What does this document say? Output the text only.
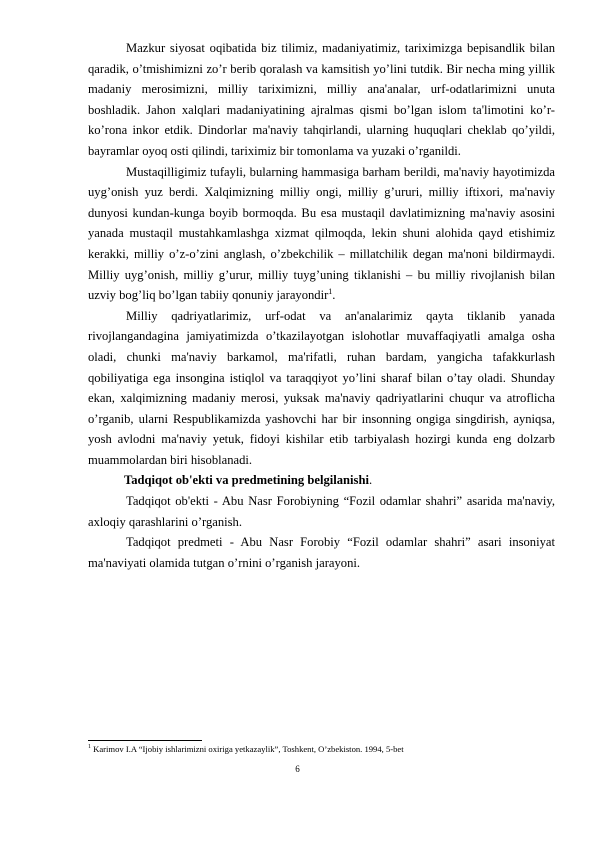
Mazkur siyosat oqibatida biz tilimiz, madaniyatimiz, tariximizga bepisandlik bilan qaradik, o’tmishimizni zo’r berib qoralash va kamsitish yo’lini tutdik. Bir necha ming yillik madaniy merosimizni, milliy tariximizni, milliy ana'analar, urf-odatlarimizni unuta boshladik. Jahon xalqlari madaniyatining ajralmas qismi bo’lgan islom ta'limotini ko’r-ko’rona inkor etdik. Dindorlar ma'naviy tahqirlandi, ularning huquqlari cheklab qo’yildi, bayramlar oyoq osti qilindi, tariximiz bir tomonlama va yuzaki o’rganildi.

Mustaqilligimiz tufayli, bularning hammasiga barham berildi, ma'naviy hayotimizda uyg’onish yuz berdi. Xalqimizning milliy ongi, milliy g’ururi, milliy iftixori, ma'naviy dunyosi kundan-kunga boyib bormoqda. Bu esa mustaqil davlatimizning ma'naviy asosini yanada mustaqil mustahkamlashga xizmat qilmoqda, lekin shuni alohida qayd etishimiz kerakki, milliy o’z-o’zini anglash, o’zbekchilik – millatchilik degan ma'noni bildirmaydi. Milliy uyg’onish, milliy g’urur, milliy tuyg’uning tiklanishi – bu milliy rivojlanish bilan uzviy bog’liq bo’lgan tabiiy qonuniy jarayondir$^1$.

Milliy qadriyatlarimiz, urf-odat va an'analarimiz qayta tiklanib yanada rivojlangandagina jamiyatimizda o’tkazilayotgan islohotlar muvaffaqiyatli amalga osha oladi, chunki ma'naviy barkamol, ma'rifatli, ruhan bardam, yangicha tafakkurlash qobiliyatiga ega insongina istiqlol va taraqqiyot yo’lini sharaf bilan o’tay oladi. Shunday ekan, xalqimizning madaniy merosi, yuksak ma'naviy qadriyatlarini chuqur va atroflicha o’rganib, ularni Respublikamizda yashovchi har bir insonning ongiga singdirish, ayniqsa, yosh avlodni ma'naviy yetuk, fidoyi kishilar etib tarbiyalash hozirgi kunda eng dolzarb muammolardan biri hisoblanadi.

Tadqiqot ob'ekti va predmetining belgilanishi.

Tadqiqot ob'ekti - Abu Nasr Forobiyning “Fozil odamlar shahri” asarida ma'naviy, axloqiy qarashlarini o’rganish.

Tadqiqot predmeti - Abu Nasr Forobiy “Fozil odamlar shahri” asari insoniyat ma'naviyati olamida tutgan o’rnini o’rganish jarayoni.

$^1$ Karimov I.A “Ijobiy ishlarimizni oxiriga yetkazaylik”, Toshkent, O’zbekiston. 1994, 5-bet
6
